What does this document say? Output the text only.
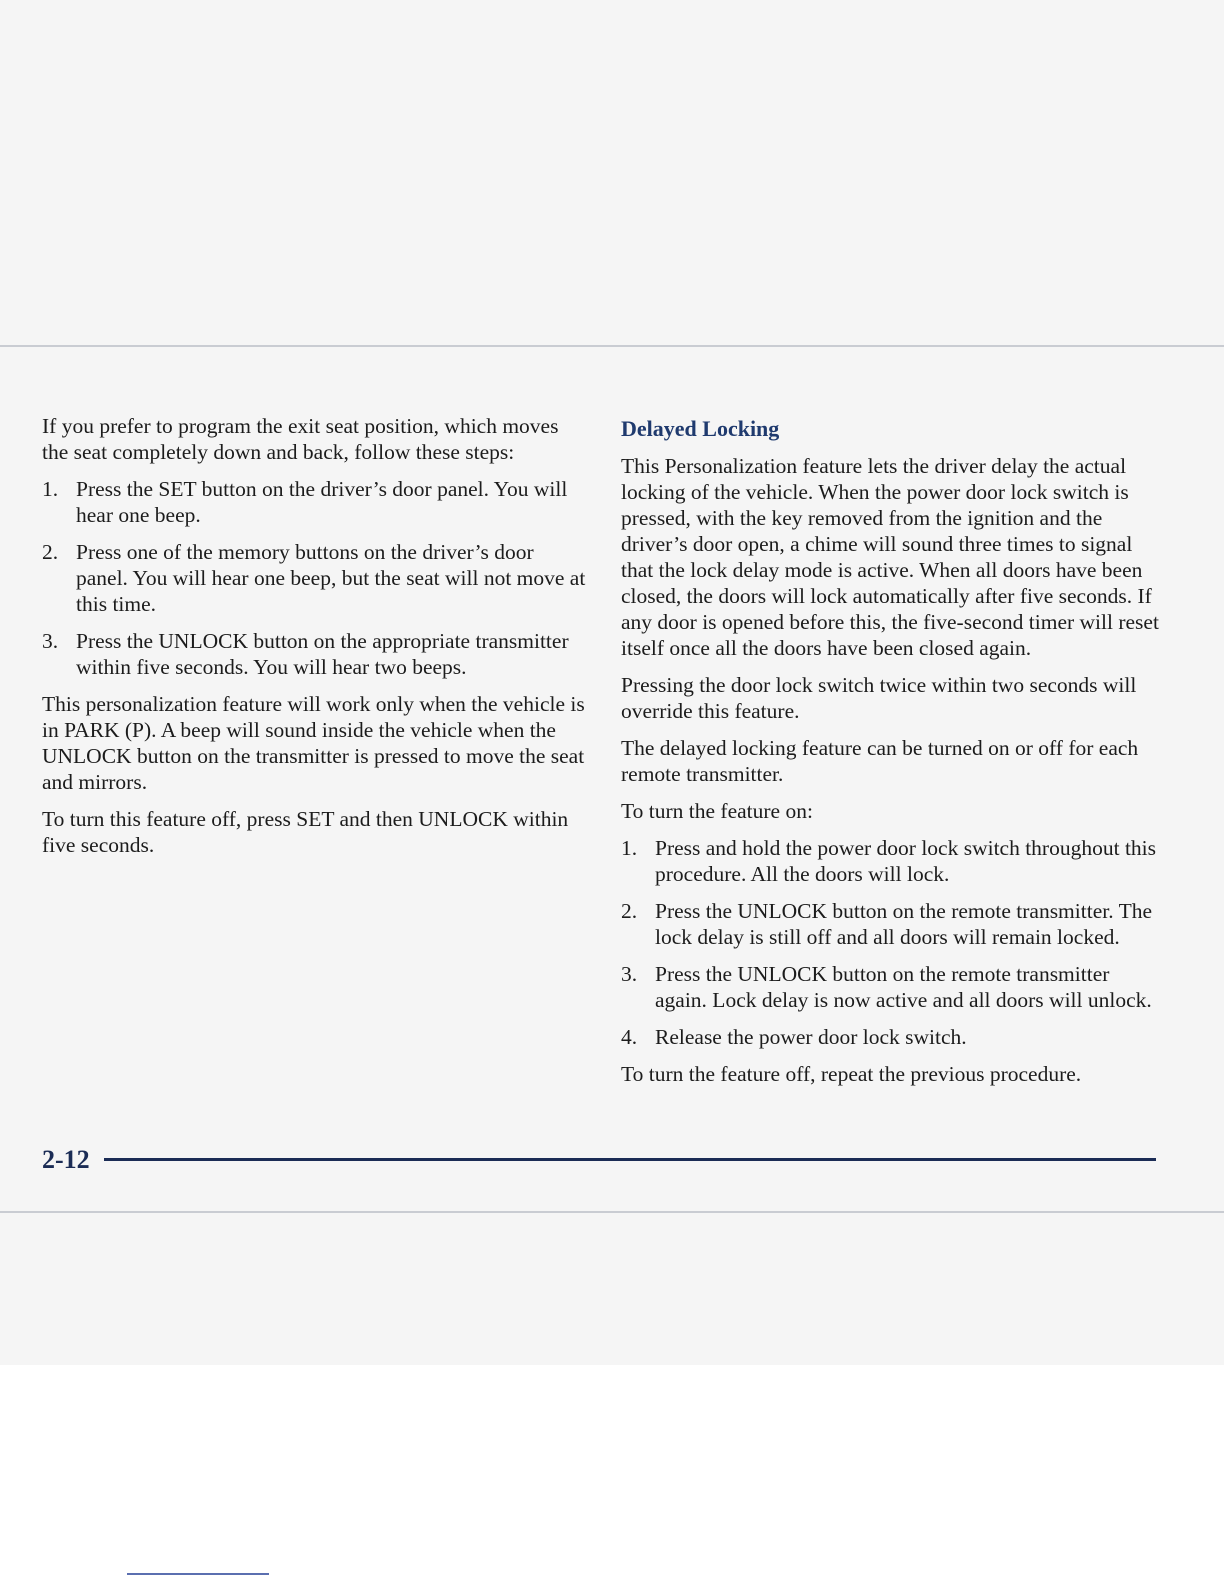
If you prefer to program the exit seat position, which moves the seat completely down and back, follow these steps:

1. Press the SET button on the driver’s door panel. You will hear one beep.
2. Press one of the memory buttons on the driver’s door panel. You will hear one beep, but the seat will not move at this time.
3. Press the UNLOCK button on the appropriate transmitter within five seconds. You will hear two beeps.

This personalization feature will work only when the vehicle is in PARK (P). A beep will sound inside the vehicle when the UNLOCK button on the transmitter is pressed to move the seat and mirrors.

To turn this feature off, press SET and then UNLOCK within five seconds.

Delayed Locking

This Personalization feature lets the driver delay the actual locking of the vehicle. When the power door lock switch is pressed, with the key removed from the ignition and the driver’s door open, a chime will sound three times to signal that the lock delay mode is active. When all doors have been closed, the doors will lock automatically after five seconds. If any door is opened before this, the five-second timer will reset itself once all the doors have been closed again.

Pressing the door lock switch twice within two seconds will override this feature.

The delayed locking feature can be turned on or off for each remote transmitter.

To turn the feature on:

1. Press and hold the power door lock switch throughout this procedure. All the doors will lock.
2. Press the UNLOCK button on the remote transmitter. The lock delay is still off and all doors will remain locked.
3. Press the UNLOCK button on the remote transmitter again. Lock delay is now active and all doors will unlock.
4. Release the power door lock switch.

To turn the feature off, repeat the previous procedure.

2-12
